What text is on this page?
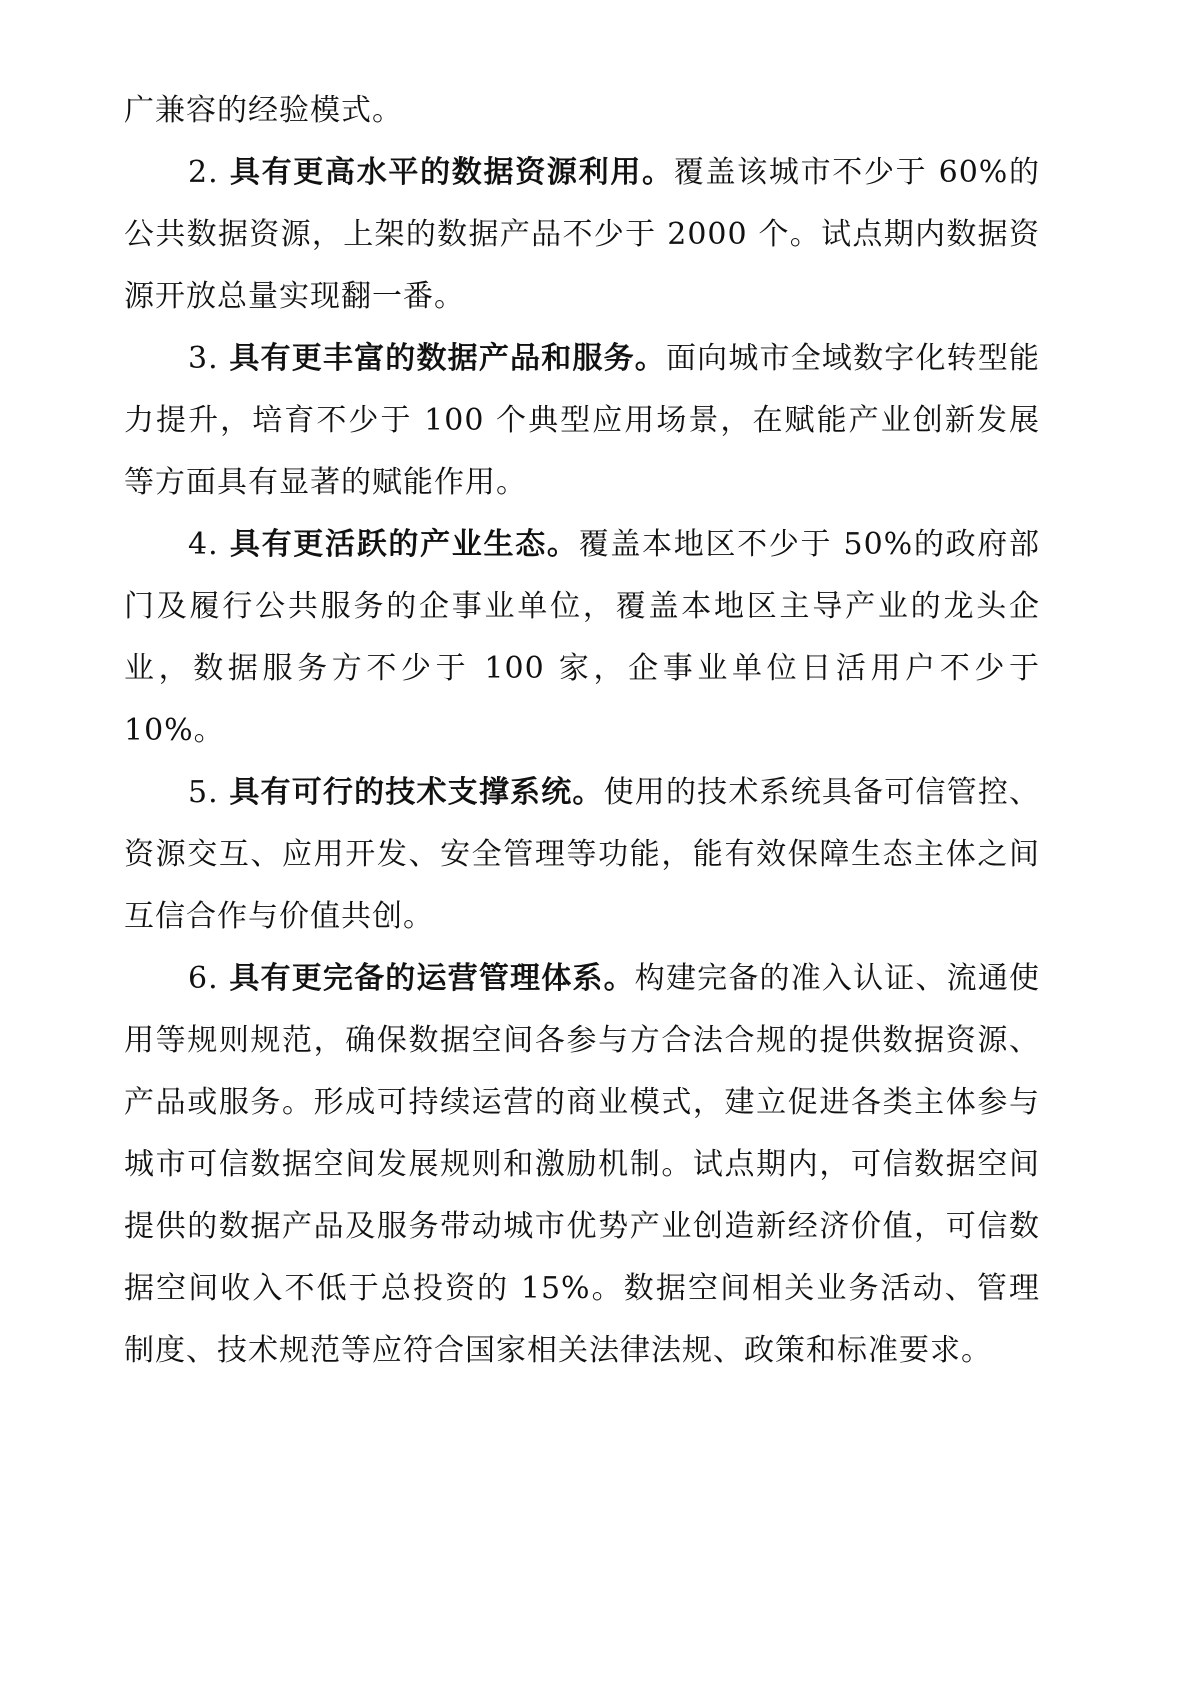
广兼容的经验模式。

2. 具有更高水平的数据资源利用。覆盖该城市不少于 60%的公共数据资源，上架的数据产品不少于 2000 个。试点期内数据资源开放总量实现翻一番。

3. 具有更丰富的数据产品和服务。面向城市全域数字化转型能力提升，培育不少于 100 个典型应用场景，在赋能产业创新发展等方面具有显著的赋能作用。

4. 具有更活跃的产业生态。覆盖本地区不少于 50%的政府部门及履行公共服务的企事业单位，覆盖本地区主导产业的龙头企业，数据服务方不少于 100 家，企事业单位日活用户不少于 10%。

5. 具有可行的技术支撑系统。使用的技术系统具备可信管控、资源交互、应用开发、安全管理等功能，能有效保障生态主体之间互信合作与价值共创。

6. 具有更完备的运营管理体系。构建完备的准入认证、流通使用等规则规范，确保数据空间各参与方合法合规的提供数据资源、产品或服务。形成可持续运营的商业模式，建立促进各类主体参与城市可信数据空间发展规则和激励机制。试点期内，可信数据空间提供的数据产品及服务带动城市优势产业创造新经济价值，可信数据空间收入不低于总投资的 15%。数据空间相关业务活动、管理制度、技术规范等应符合国家相关法律法规、政策和标准要求。
